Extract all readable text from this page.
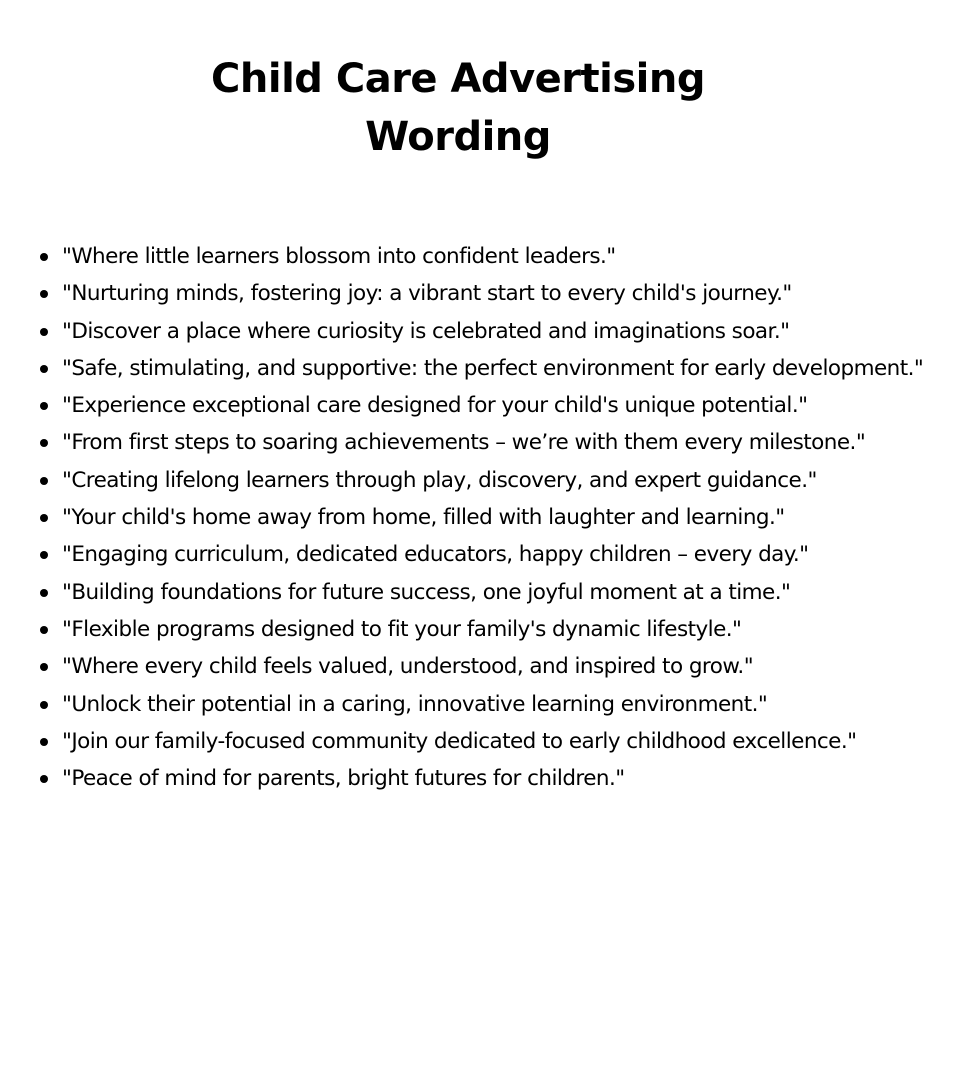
Child Care Advertising
Wording
"Where little learners blossom into confident leaders."
"Nurturing minds, fostering joy: a vibrant start to every child's journey."
"Discover a place where curiosity is celebrated and imaginations soar."
"Safe, stimulating, and supportive: the perfect environment for early development."
"Experience exceptional care designed for your child's unique potential."
"From first steps to soaring achievements – we’re with them every milestone."
"Creating lifelong learners through play, discovery, and expert guidance."
"Your child's home away from home, filled with laughter and learning."
"Engaging curriculum, dedicated educators, happy children – every day."
"Building foundations for future success, one joyful moment at a time."
"Flexible programs designed to fit your family's dynamic lifestyle."
"Where every child feels valued, understood, and inspired to grow."
"Unlock their potential in a caring, innovative learning environment."
"Join our family-focused community dedicated to early childhood excellence."
"Peace of mind for parents, bright futures for children."
